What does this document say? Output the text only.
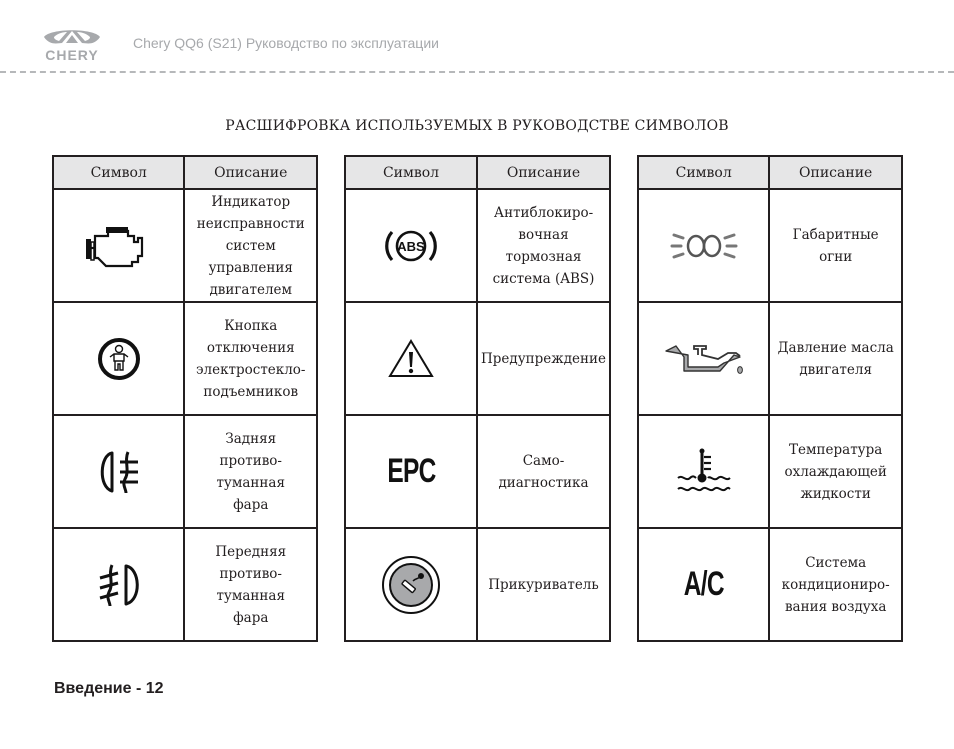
CHERY
Chery QQ6 (S21) Руководство по эксплуатации
РАСШИФРОВКА ИСПОЛЬЗУЕМЫХ В РУКОВОДСТВЕ СИМВОЛОВ
Символ	Описание

Индикатор
неисправности
систем
управления
двигателем

Кнопка
отключения
электростекло-
подъемников

Задняя
противо-
туманная
фара

Передняя
противо-
туманная
фара
Символ	Описание

ABS	Антиблокиро-
вочная
тормозная
система (ABS)

Предупреждение

EPC	Само-
диагностика

Прикуриватель
Символ	Описание

Габаритные
огни

Давление масла
двигателя

Температура
охлаждающей
жидкости

A/C	Система
кондициониро-
вания воздуха
Введение - 12
